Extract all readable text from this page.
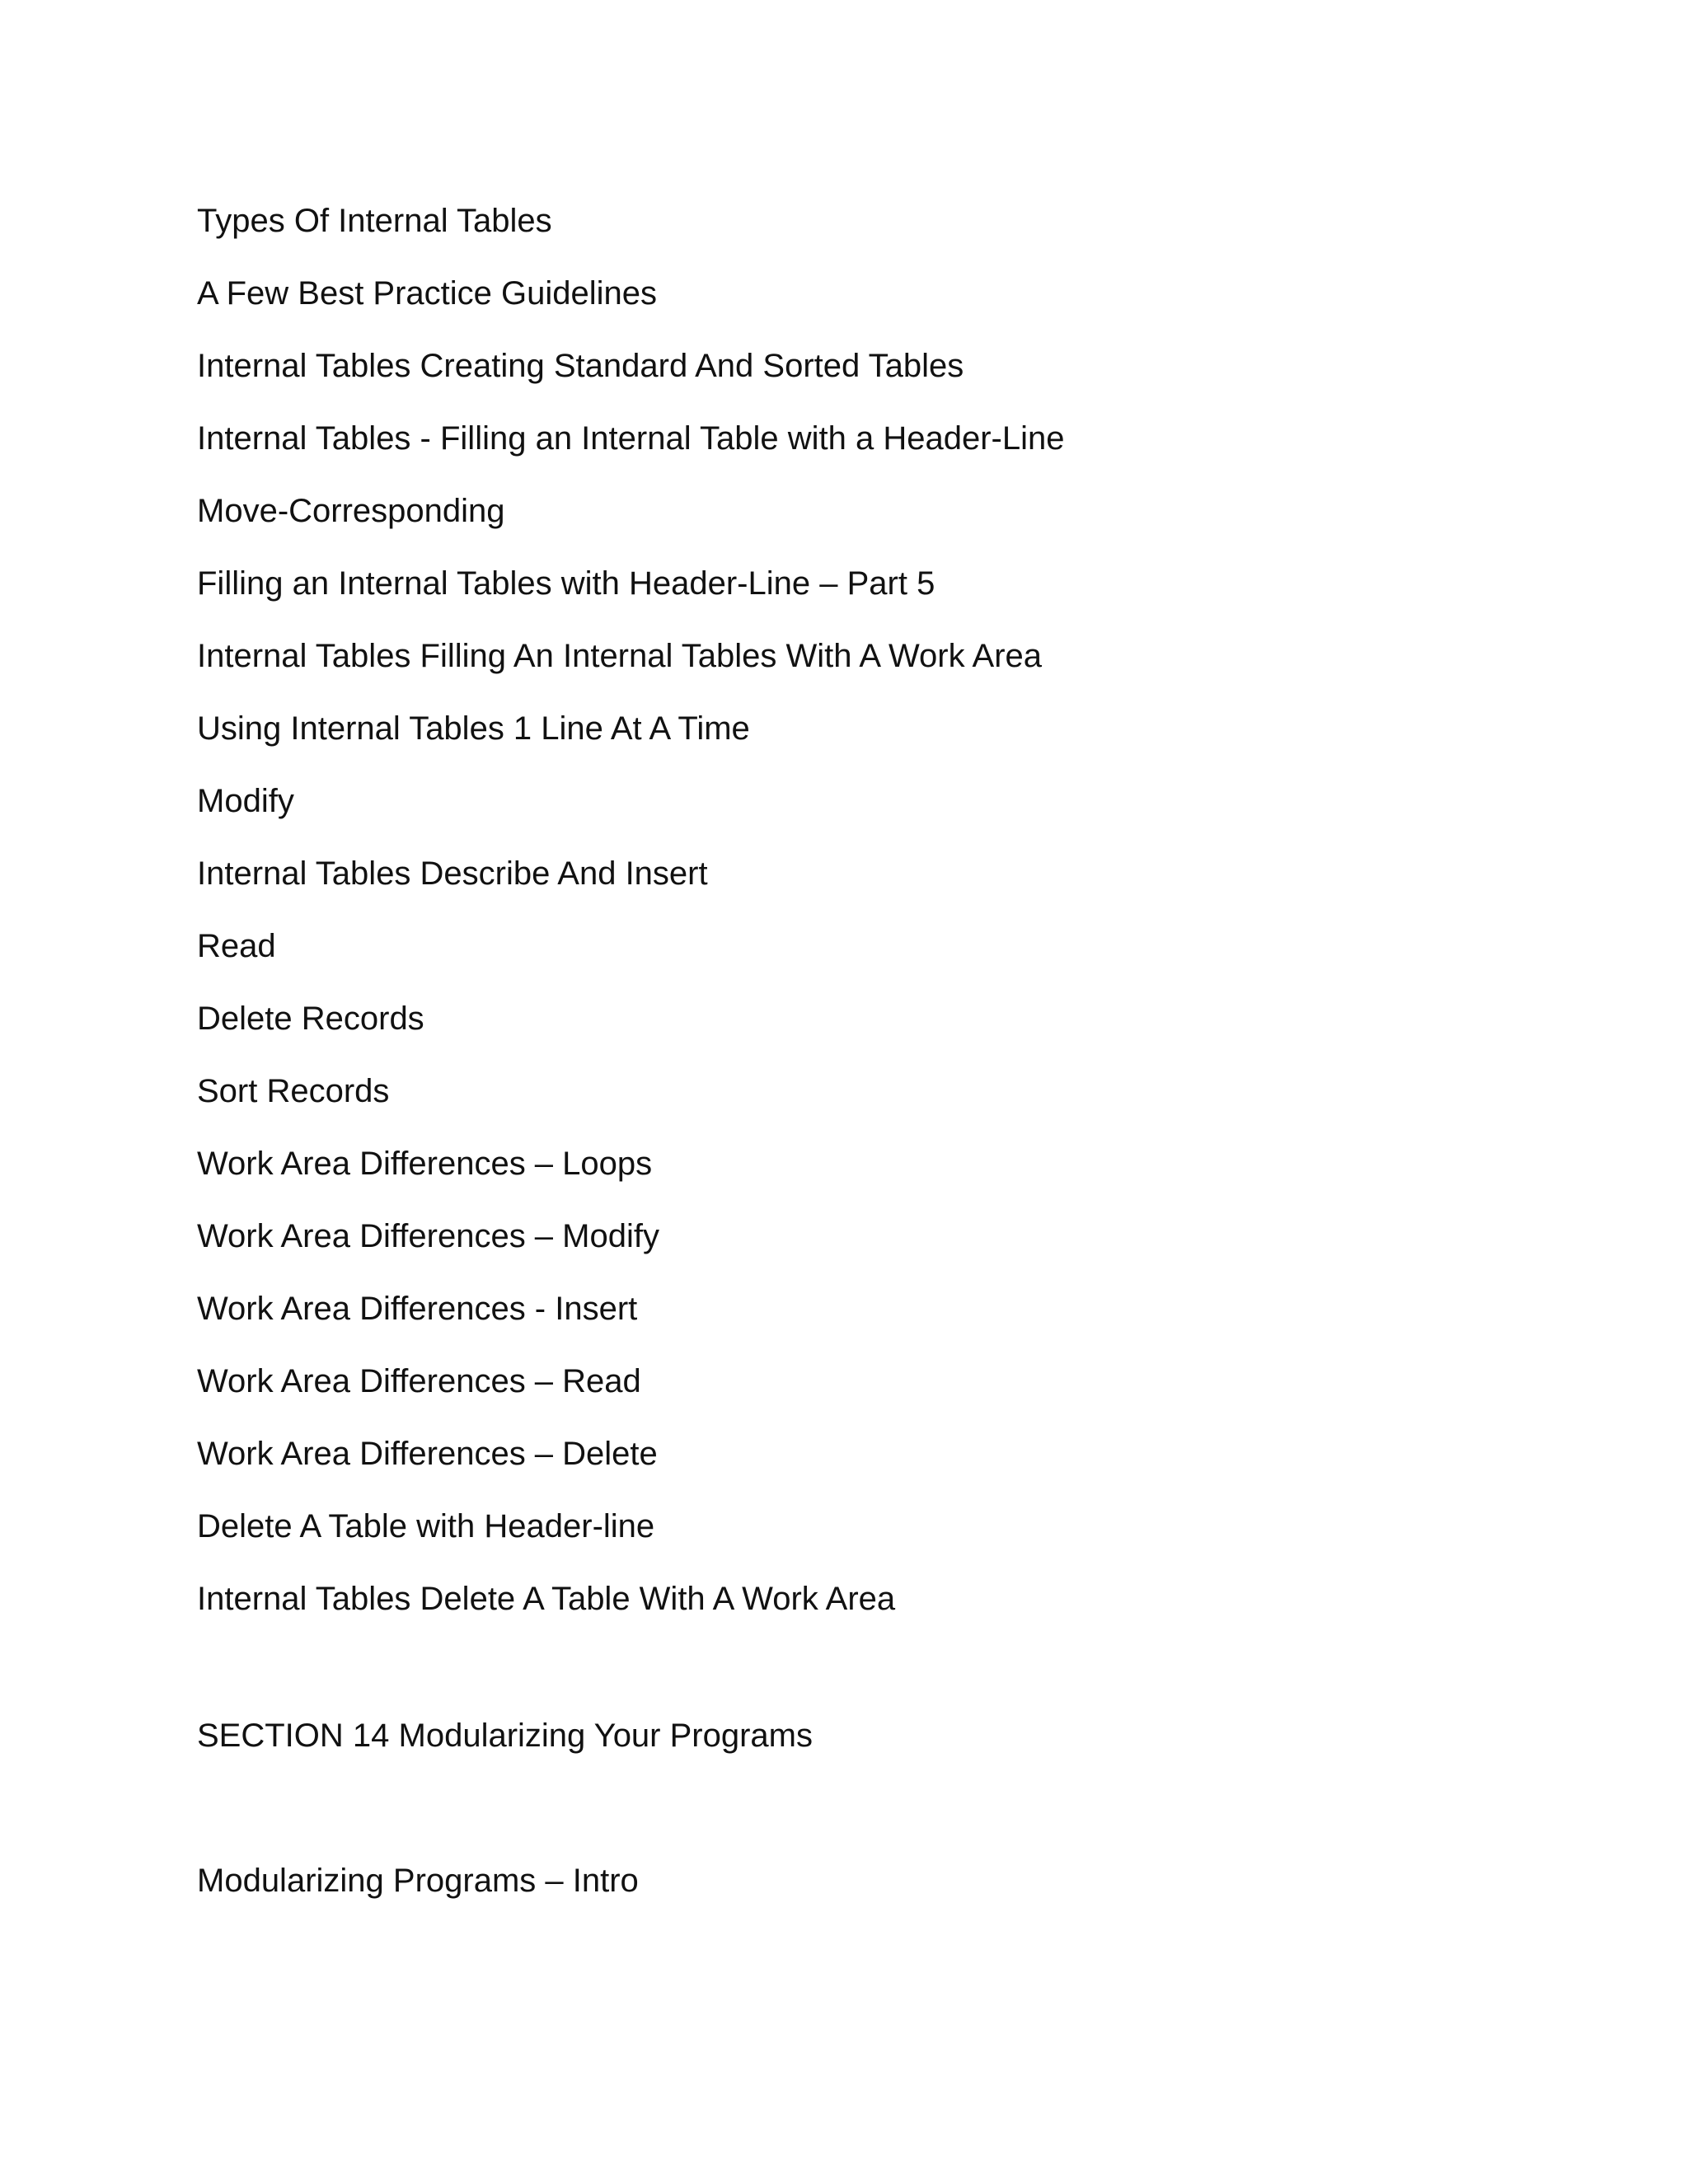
Types Of Internal Tables
A Few Best Practice Guidelines
Internal Tables Creating Standard And Sorted Tables
Internal Tables - Filling an Internal Table with a Header-Line
Move-Corresponding
Filling an Internal Tables with Header-Line – Part 5
Internal Tables Filling An Internal Tables With A Work Area
Using Internal Tables 1 Line At A Time
Modify
Internal Tables Describe And Insert
Read
Delete Records
Sort Records
Work Area Differences – Loops
Work Area Differences – Modify
Work Area Differences - Insert
Work Area Differences – Read
Work Area Differences – Delete
Delete A Table with Header-line
Internal Tables Delete A Table With A Work Area
SECTION 14 Modularizing Your Programs
Modularizing Programs – Intro
